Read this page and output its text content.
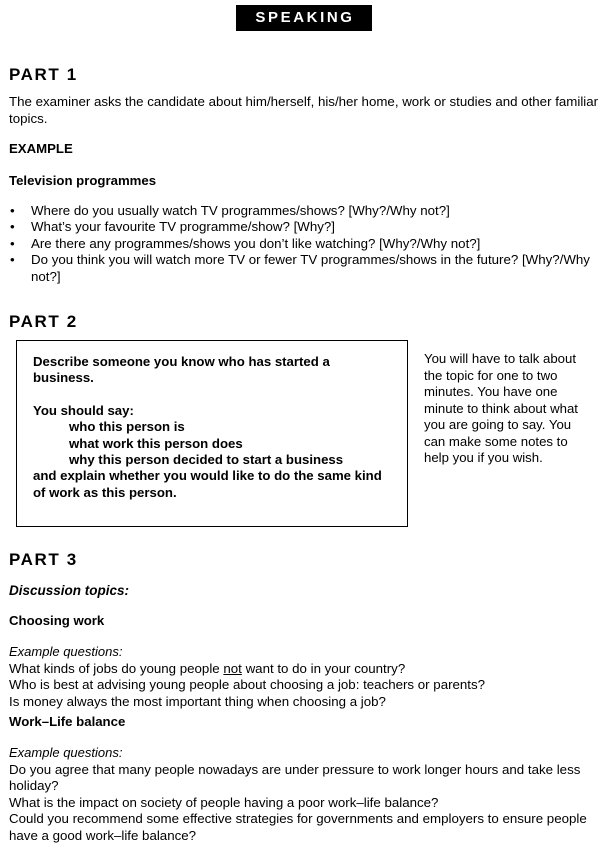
SPEAKING
PART 1
The examiner asks the candidate about him/herself, his/her home, work or studies and other familiar topics.
EXAMPLE
Television programmes
• Where do you usually watch TV programmes/shows? [Why?/Why not?]
• What’s your favourite TV programme/show? [Why?]
• Are there any programmes/shows you don’t like watching? [Why?/Why not?]
• Do you think you will watch more TV or fewer TV programmes/shows in the future? [Why?/Why not?]
PART 2
Describe someone you know who has started a business.
You should say:
who this person is
what work this person does
why this person decided to start a business
and explain whether you would like to do the same kind of work as this person.
You will have to talk about the topic for one to two minutes. You have one minute to think about what you are going to say. You can make some notes to help you if you wish.
PART 3
Discussion topics:
Choosing work
Example questions:
What kinds of jobs do young people not want to do in your country?
Who is best at advising young people about choosing a job: teachers or parents?
Is money always the most important thing when choosing a job?
Work–Life balance
Example questions:
Do you agree that many people nowadays are under pressure to work longer hours and take less holiday?
What is the impact on society of people having a poor work–life balance?
Could you recommend some effective strategies for governments and employers to ensure people have a good work–life balance?
